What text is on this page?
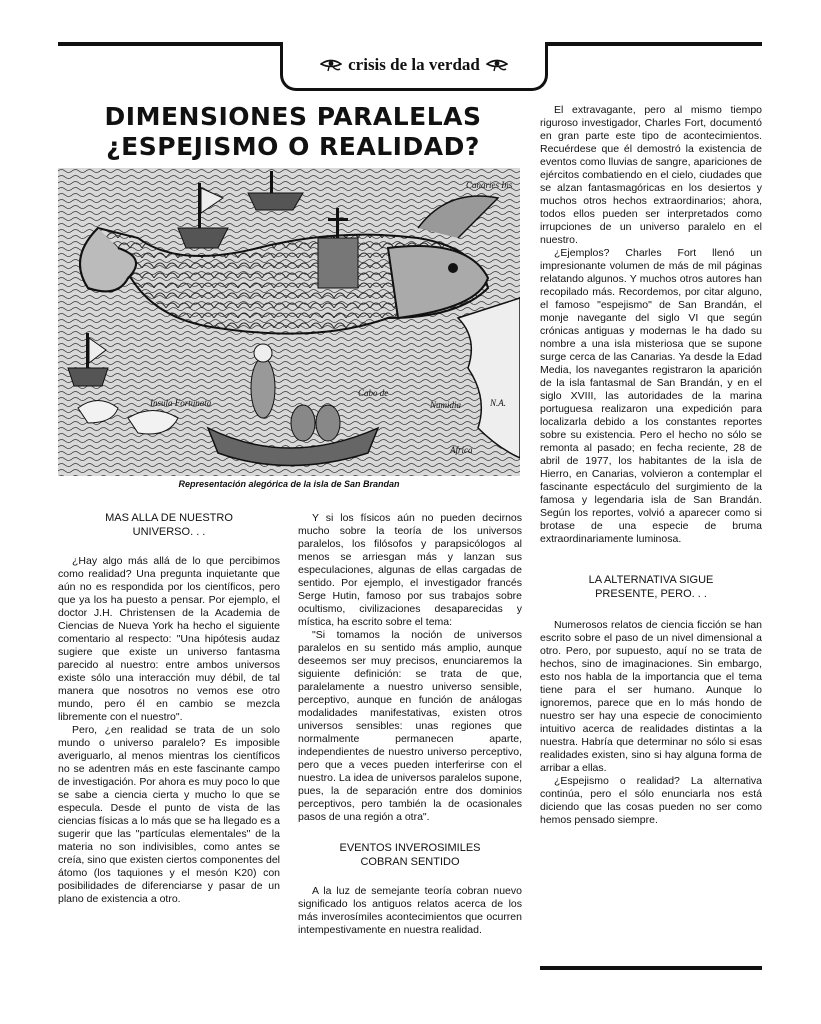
crisis de la verdad
DIMENSIONES PARALELAS
¿ESPEJISMO O REALIDAD?
Canaries Ins
Insula Fortunata
Cabo de
Numidia	N.A.
Africa
Representación alegórica de la isla de San Brandan

MAS ALLA DE NUESTRO UNIVERSO. . .

¿Hay algo más allá de lo que percibimos como realidad? Una pregunta inquietante que aún no es respondida por los científicos, pero que ya los ha puesto a pensar. Por ejemplo, el doctor J.H. Christensen de la Academia de Ciencias de Nueva York ha hecho el siguiente comentario al respecto: "Una hipótesis audaz sugiere que existe un universo fantasma parecido al nuestro: entre ambos universos existe sólo una interacción muy débil, de tal manera que nosotros no vemos ese otro mundo, pero él en cambio se mezcla libremente con el nuestro".

Pero, ¿en realidad se trata de un solo mundo o universo paralelo? Es imposible averiguarlo, al menos mientras los científicos no se adentren más en este fascinante campo de investigación. Por ahora es muy poco lo que se sabe a ciencia cierta y mucho lo que se especula. Desde el punto de vista de las ciencias físicas a lo más que se ha llegado es a sugerir que las "partículas elementales" de la materia no son indivisibles, como antes se creía, sino que existen ciertos componentes del átomo (los taquiones y el mesón K20) con posibilidades de diferenciarse y pasar de un plano de existencia a otro.

Y si los físicos aún no pueden decirnos mucho sobre la teoría de los universos paralelos, los filósofos y parapsicólogos al menos se arriesgan más y lanzan sus especulaciones, algunas de ellas cargadas de sentido. Por ejemplo, el investigador francés Serge Hutin, famoso por sus trabajos sobre ocultismo, civilizaciones desaparecidas y mística, ha escrito sobre el tema:

"Si tomamos la noción de universos paralelos en su sentido más amplio, aunque deseemos ser muy precisos, enunciaremos la siguiente definición: se trata de que, paralelamente a nuestro universo sensible, perceptivo, aunque en función de análogas modalidades manifestativas, existen otros universos sensibles: unas regiones que normalmente permanecen aparte, independientes de nuestro universo perceptivo, pero que a veces pueden interferirse con el nuestro. La idea de universos paralelos supone, pues, la de separación entre dos dominios perceptivos, pero también la de ocasionales pasos de una región a otra".

EVENTOS INVEROSIMILES COBRAN SENTIDO

A la luz de semejante teoría cobran nuevo significado los antiguos relatos acerca de los más inverosímiles acontecimientos que ocurren intempestivamente en nuestra realidad.

El extravagante, pero al mismo tiempo riguroso investigador, Charles Fort, documentó en gran parte este tipo de acontecimientos. Recuérdese que él demostró la existencia de eventos como lluvias de sangre, apariciones de ejércitos combatiendo en el cielo, ciudades que se alzan fantasmagóricas en los desiertos y muchos otros hechos extraordinarios; ahora, todos ellos pueden ser interpretados como irrupciones de un universo paralelo en el nuestro.

¿Ejemplos? Charles Fort llenó un impresionante volumen de más de mil páginas relatando algunos. Y muchos otros autores han recopilado más. Recordemos, por citar alguno, el famoso "espejismo" de San Brandán, el monje navegante del siglo VI que según crónicas antiguas y modernas le ha dado su nombre a una isla misteriosa que se supone surge cerca de las Canarias. Ya desde la Edad Media, los navegantes registraron la aparición de la isla fantasmal de San Brandán, y en el siglo XVIII, las autoridades de la marina portuguesa realizaron una expedición para localizarla debido a los constantes reportes sobre su existencia. Pero el hecho no sólo se remonta al pasado; en fecha reciente, 28 de abril de 1977, los habitantes de la isla de Hierro, en Canarias, volvieron a contemplar el fascinante espectáculo del surgimiento de la famosa y legendaria isla de San Brandán. Según los reportes, volvió a aparecer como si brotase de una especie de bruma extraordinariamente luminosa.

LA ALTERNATIVA SIGUE PRESENTE, PERO. . .

Numerosos relatos de ciencia ficción se han escrito sobre el paso de un nivel dimensional a otro. Pero, por supuesto, aquí no se trata de hechos, sino de imaginaciones. Sin embargo, esto nos habla de la importancia que el tema tiene para el ser humano. Aunque lo ignoremos, parece que en lo más hondo de nuestro ser hay una especie de conocimiento intuitivo acerca de realidades distintas a la nuestra. Habría que determinar no sólo si esas realidades existen, sino si hay alguna forma de arribar a ellas.

¿Espejismo o realidad? La alternativa continúa, pero el sólo enunciarla nos está diciendo que las cosas pueden no ser como hemos pensado siempre.
